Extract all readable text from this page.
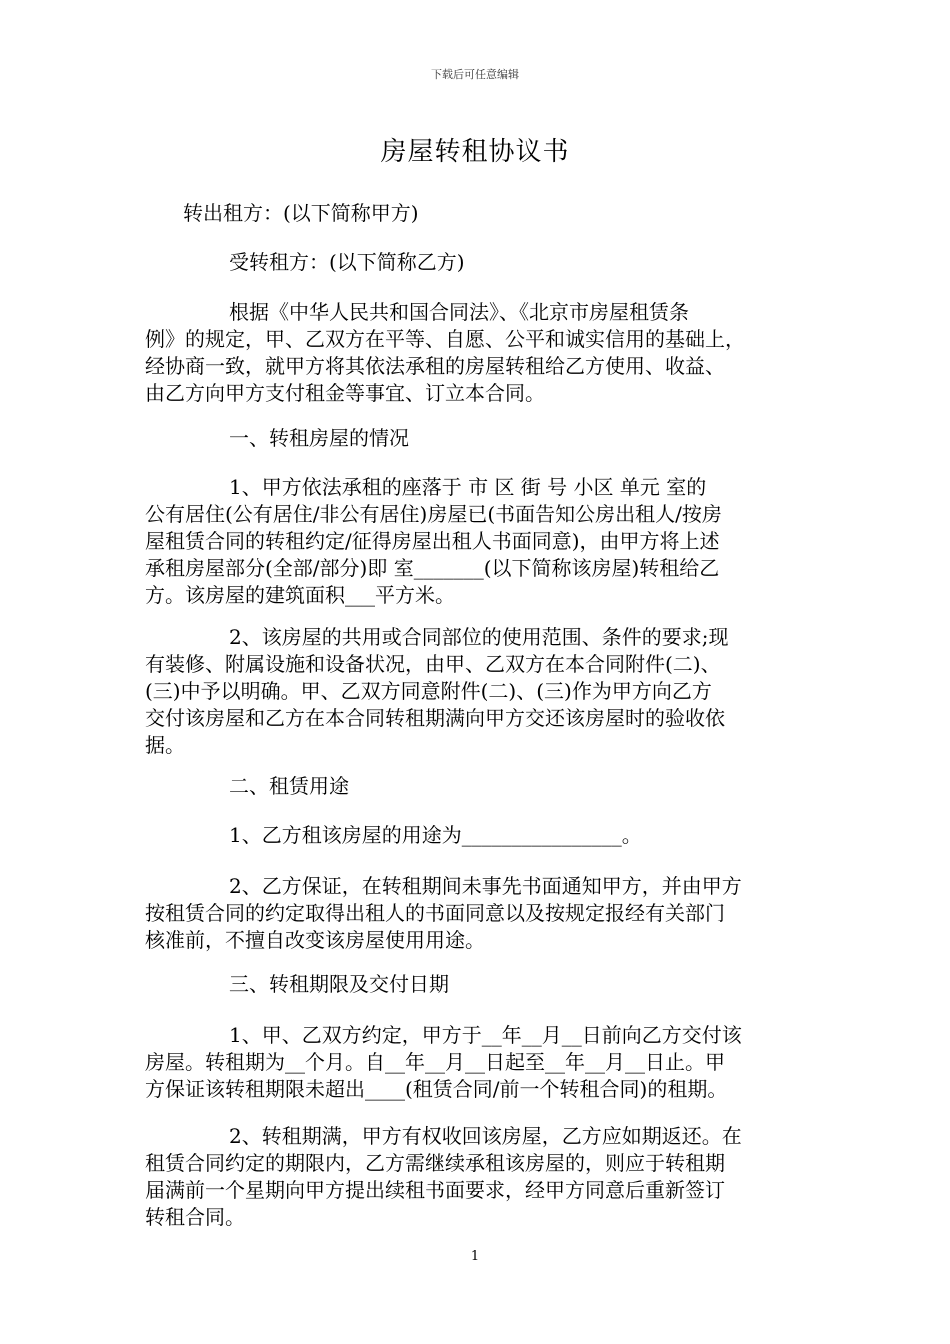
下载后可任意编辑
房屋转租协议书
转出租方：(以下简称甲方)
受转租方：(以下简称乙方)
根据《中华人民共和国合同法》、《北京市房屋租赁条
例》的规定，甲、乙双方在平等、自愿、公平和诚实信用的基础上，
经协商一致，就甲方将其依法承租的房屋转租给乙方使用、收益、
由乙方向甲方支付租金等事宜、订立本合同。
一、转租房屋的情况
1、甲方依法承租的座落于 市 区 街 号 小区 单元 室的
公有居住(公有居住/非公有居住)房屋已(书面告知公房出租人/按房
屋租赁合同的转租约定/征得房屋出租人书面同意)，由甲方将上述
承租房屋部分(全部/部分)即 室_______(以下简称该房屋)转租给乙
方。该房屋的建筑面积___平方米。
2、该房屋的共用或合同部位的使用范围、条件的要求;现
有装修、附属设施和设备状况，由甲、乙双方在本合同附件(二)、
(三)中予以明确。甲、乙双方同意附件(二)、(三)作为甲方向乙方
交付该房屋和乙方在本合同转租期满向甲方交还该房屋时的验收依
据。
二、租赁用途
1、乙方租该房屋的用途为________________。
2、乙方保证，在转租期间未事先书面通知甲方，并由甲方
按租赁合同的约定取得出租人的书面同意以及按规定报经有关部门
核准前，不擅自改变该房屋使用用途。
三、转租期限及交付日期
1、甲、乙双方约定，甲方于__年__月__日前向乙方交付该
房屋。转租期为__个月。自__年__月__日起至__年__月__日止。甲
方保证该转租期限未超出____(租赁合同/前一个转租合同)的租期。
2、转租期满，甲方有权收回该房屋，乙方应如期返还。在
租赁合同约定的期限内，乙方需继续承租该房屋的，则应于转租期
届满前一个星期向甲方提出续租书面要求，经甲方同意后重新签订
转租合同。
1
